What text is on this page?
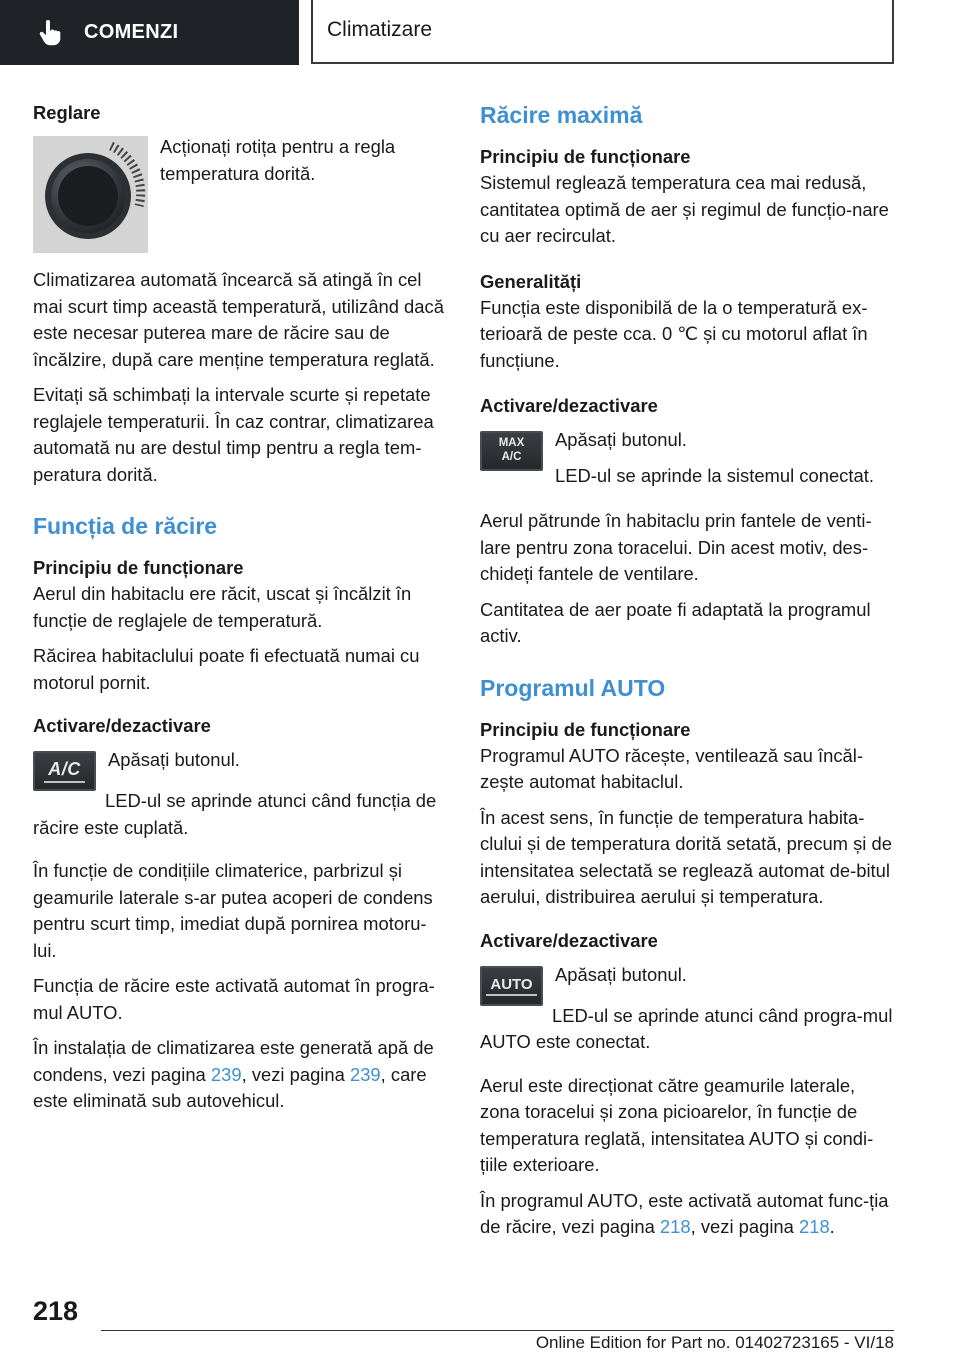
COMENZI	Climatizare

Reglare

Acționați rotița pentru a regla temperatura dorită.

Climatizarea automată încearcă să atingă în cel mai scurt timp această temperatură, utilizând dacă este necesar puterea mare de răcire sau de încălzire, după care menține temperatura reglată.

Evitați să schimbați la intervale scurte și repetate reglajele temperaturii. În caz contrar, climatizarea automată nu are destul timp pentru a regla tem‐peratura dorită.

Funcția de răcire

Principiu de funcționare

Aerul din habitaclu ere răcit, uscat și încălzit în funcție de reglajele de temperatură.

Răcirea habitaclului poate fi efectuată numai cu motorul pornit.

Activare/dezactivare

A/C Apăsați butonul.

LED-ul se aprinde atunci când funcția de răcire este cuplată.

În funcție de condițiile climaterice, parbrizul și geamurile laterale s-ar putea acoperi de condens pentru scurt timp, imediat după pornirea motoru‐lui.

Funcția de răcire este activată automat în progra‐mul AUTO.

În instalația de climatizarea este generată apă de condens, vezi pagina 239, vezi pagina 239, care este eliminată sub autovehicul.

Răcire maximă

Principiu de funcționare

Sistemul reglează temperatura cea mai redusă, cantitatea optimă de aer și regimul de funcțio‐nare cu aer recirculat.

Generalități

Funcția este disponibilă de la o temperatură ex‐terioară de peste cca. 0 ℃ și cu motorul aflat în funcțiune.

Activare/dezactivare

MAX
A/C

Apăsați butonul.

LED-ul se aprinde la sistemul conectat.

Aerul pătrunde în habitaclu prin fantele de venti‐lare pentru zona toracelui. Din acest motiv, des‐chideți fantele de ventilare.

Cantitatea de aer poate fi adaptată la programul activ.

Programul AUTO

Principiu de funcționare

Programul AUTO răcește, ventilează sau încăl‐zește automat habitaclul.

În acest sens, în funcție de temperatura habita‐clului și de temperatura dorită setată, precum și de intensitatea selectată se reglează automat de‐bitul aerului, distribuirea aerului și temperatura.

Activare/dezactivare

AUTO Apăsați butonul.

LED-ul se aprinde atunci când progra‐mul AUTO este conectat.

Aerul este direcționat către geamurile laterale, zona toracelui și zona picioarelor, în funcție de temperatura reglată, intensitatea AUTO și condi‐țiile exterioare.

În programul AUTO, este activată automat func‐ția de răcire, vezi pagina 218, vezi pagina 218.

218
Online Edition for Part no. 01402723165 - VI/18
